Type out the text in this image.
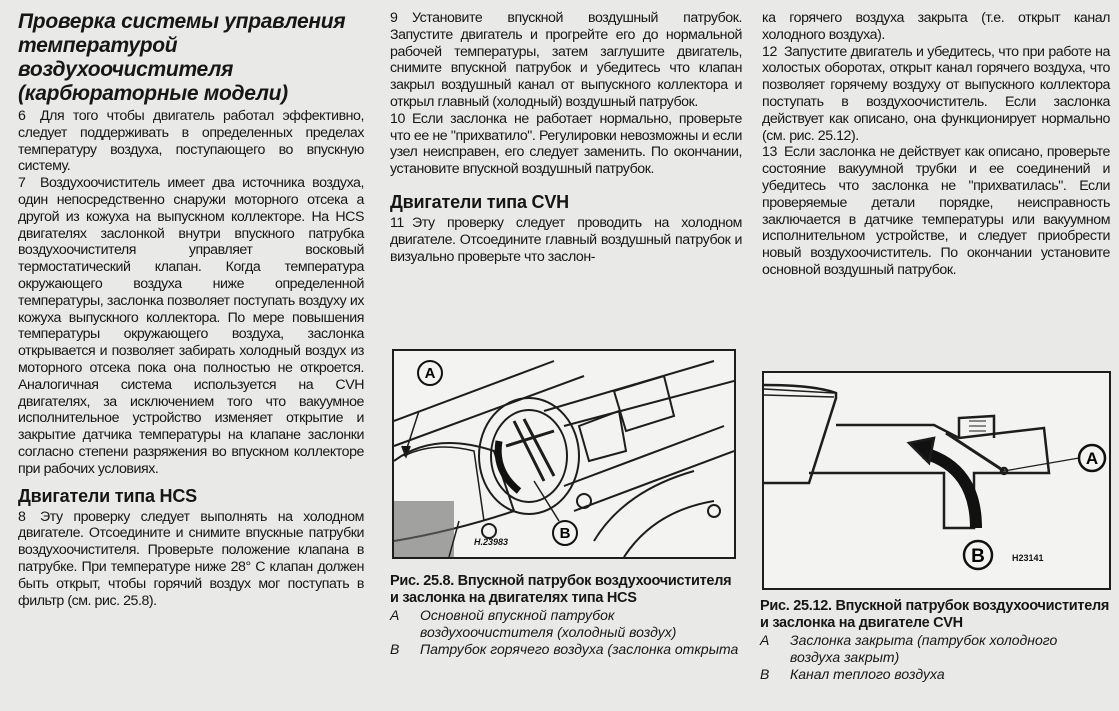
Проверка системы управления температурой воздухоочистителя (карбюраторные модели)

6 Для того чтобы двигатель работал эффективно, следует поддерживать в определенных пределах температуру воздуха, поступающего во впускную систему.

7 Воздухоочиститель имеет два источника воздуха, один непосредственно снаружи моторного отсека а другой из кожуха на выпускном коллекторе. На HCS двигателях заслонкой внутри впускного патрубка воздухоочистителя управляет восковый термостатический клапан. Когда температура окружающего воздуха ниже определенной температуры, заслонка позволяет поступать воздуху их кожуха выпускного коллектора. По мере повышения температуры окружающего воздуха, заслонка открывается и позволяет забирать холодный воздух из моторного отсека пока она полностью не откроется. Аналогичная система используется на CVH двигателях, за исключением того что вакуумное исполнительное устройство изменяет открытие и закрытие датчика температуры на клапане заслонки согласно степени разряжения во впускном коллекторе при рабочих условиях.

Двигатели типа HCS

8 Эту проверку следует выполнять на холодном двигателе. Отсоедините и снимите впускные патрубки воздухоочистителя. Проверьте положение клапана в патрубке. При температуре ниже 28° С клапан должен быть открыт, чтобы горячий воздух мог поступать в фильтр (см. рис. 25.8).

9 Установите впускной воздушный патрубок. Запустите двигатель и прогрейте его до нормальной рабочей температуры, затем заглушите двигатель, снимите впускной патрубок и убедитесь что клапан закрыл воздушный канал от выпускного коллектора и открыл главный (холодный) воздушный патрубок.

10 Если заслонка не работает нормально, проверьте что ее не "прихватило". Регулировки невозможны и если узел неисправен, его следует заменить. По окончании, установите впускной воздушный патрубок.

Двигатели типа CVH

11 Эту проверку следует проводить на холодном двигателе. Отсоедините главный воздушный патрубок и визуально проверьте что заслон-

ка горячего воздуха закрыта (т.е. открыт канал холодного воздуха).

12 Запустите двигатель и убедитесь, что при работе на холостых оборотах, открыт канал горячего воздуха, что позволяет горячему воздуху от выпускного коллектора поступать в воздухоочиститель. Если заслонка действует как описано, она функционирует нормально (см. рис. 25.12).

13 Если заслонка не действует как описано, проверьте состояние вакуумной трубки и ее соединений и убедитесь что заслонка не "прихватилась". Если проверяемые детали порядке, неисправность заключается в датчике температуры или вакуумном исполнительном устройстве, и следует приобрести новый воздухоочиститель. По окончании установите основной воздушный патрубок.

A
B
H.23983
A
B	H23141
Рис. 25.8. Впускной патрубок воздухоочистителя и заслонка на двигателях типа HCS
A	Основной впускной патрубок воздухоочистителя (холодный воздух)
B	Патрубок горячего воздуха (заслонка открыта
Рис. 25.12. Впускной патрубок воздухоочистителя и заслонка на двигателе CVH
A	Заслонка закрыта (патрубок холодного воздуха закрыт)
B	Канал теплого воздуха
